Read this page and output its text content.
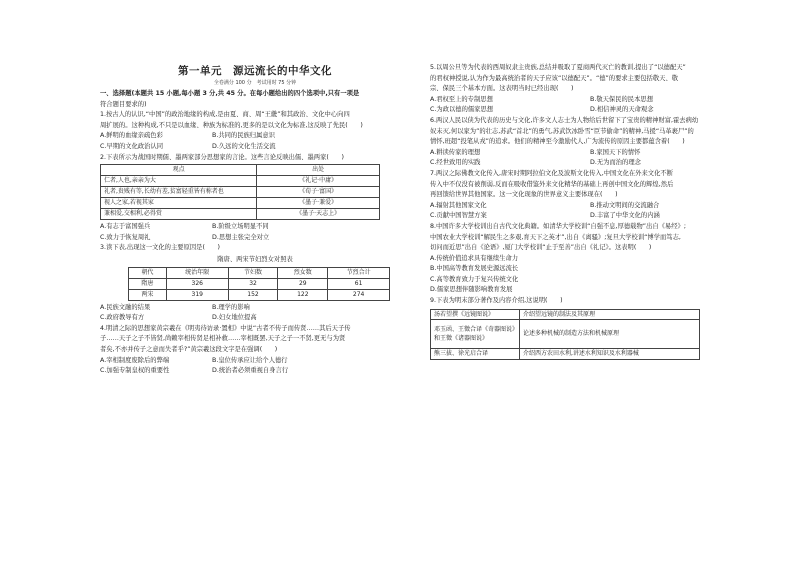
第一单元　源远流长的中华文化
全卷满分 100 分　考试用时 75 分钟
一、选择题(本题共 15 小题,每小题 3 分,共 45 分。在每小题给出的四个选项中,只有一项是
符合题目要求的)
1.按古人的认识,“中国”的政治地缘的构成,是由夏、商、周“王畿”和其政治、文化中心向四
周扩展的。这种构成,不只是以血缘、种族为标准的,更多的是以文化为标准,这反映了先民(　　)
A.鲜明的血缘亲疏色彩	B.共同的民族归属意识
C.早期的文化政治认同	D.久远的文化生活交流
2.下表所示为战国时期儒、墨两家部分思想家的言论。这些言论反映出儒、墨两家(　　)
观点	出处
仁者,人也,亲亲为大	《礼记·中庸》
礼者,贵贱有等,长幼有差,贫富轻重皆有称者也	《荀子·富国》
视人之家,若视其家	《墨子·兼爱》
兼相爱,交相利,必得赏	《墨子·天志上》
A.有志于富国强兵	B.阶级立场明显不同
C.致力于恢复周礼	D.思想主张完全对立
3.读下表,出现这一文化的主要原因是(　　)
隋唐、两宋节妇烈女对照表
朝代	统治年限	节妇数	烈女数	节烈合计
隋唐	326	32	29	61
两宋	319	152	122	274
A.民族文融的结果	B.理学的影响
C.政府教导有方	D.妇女地位提高
4.明清之际的思想家黄宗羲在《明夷待访录·置相》中说“古者不传子而传贤……其后天子传
子……天子之子不皆贤,尚赖宰相传贤足相补救……宰相既罢,天子之子一不贤,更无与为贤
者矣,不亦并传子之意而失者乎?”黄宗羲这段文字是在强调(　　)
A.宰相制度废除后的弊端	B.皇位传承应让给个人德行
C.加强专制皇权的重要性	D.统治者必须重视自身言行
5.以周公旦等为代表的西周奴隶主贵族,总结并吸取了夏商两代灭亡的教训,提出了“以德配天”
的君权神授说,认为作为最高统治者的天子应该“以德配天”。“德”的要求主要包括敬天、敬
宗、保民三个基本方面。这表明当时已经出现(　　)
A.君权至上的专制思想	B.敬天保民的民本思想
C.为政以德的儒家思想	D.相信神灵的天命观念
6.两汉人民以侠为代表的历史与文化,许多文人志士为人物给后世留下了宝贵的精神财富,霍去病幼
奴未灭,何以家为”的壮志,苏武“首北”的勇气,苏武饮冰卧雪“臣节偷命”的精神,马援“马革裹尸”的
情怀,班超“投笔从戎”的追求。他们的精神至今激励代人,广为流传的原因主要都蕴含着(　　)
A.耕读传家的理想	B.家国天下的情怀
C.经世致用的实践	D.无为而治的理念
7.两汉之际佛教文化传入,唐宋时期阿拉伯文化及波斯文化传入,中国文化在外来文化不断
传入中不仅没有被削弱,反而在吸收借鉴外来文化精华的基础上再创中国文化的辉煌,然后
再回馈给世界其他国家。这一文化现象的世界意义主要体现在(　　)
A.辐射其他国家文化	B.推动文明间的交流融合
C.贡献中国智慧方案	D.丰富了中华文化的内涵
8.中国许多大学校训出自古代文化典籍。如清华大学校训“自强不息,厚德载物”出自《易经》;
中国农业大学校训“解民生之多艰,育天下之英才”,出自《离骚》;复旦大学校训“博学而笃志,
切问而近思”出自《论语》,厦门大学校训“止于至善”出自《礼记》。这表明(　　)
A.传统价值追求具有继续生命力
B.中国高等教育发展史源远流长
C.高等教育致力于复兴传统文化
D.儒家思想伴随影响教育发展
9.下表为明末部分著作及内容介绍,这说明(　　)
汤若望撰《远镜图说》	介绍望远镜的制法及其原理
邓玉函、王徵合译《奇器图说》和王徵《诸器图说》	论述多种机械的制造方法和机械原理
熊三拔、徐光启合译	介绍西方农田水利,讲述水利知识及水利器械
